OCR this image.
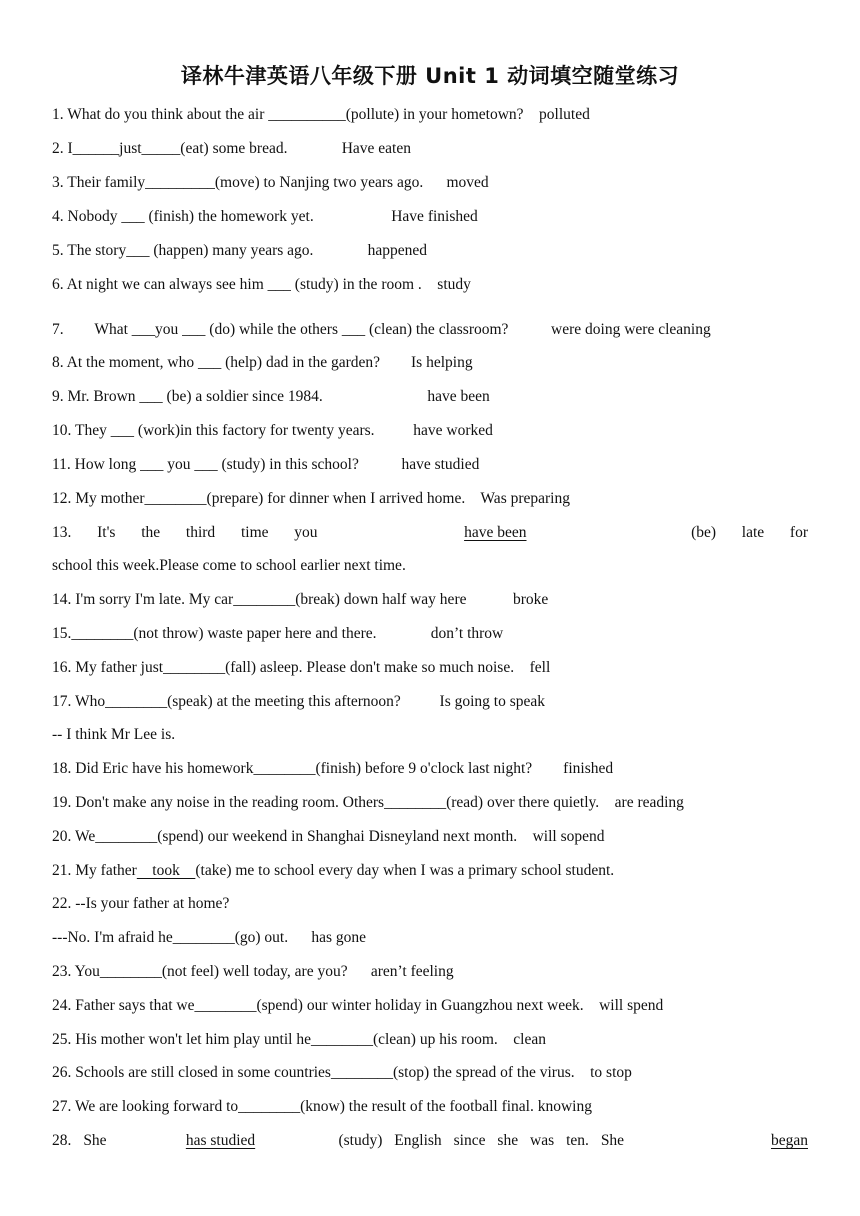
译林牛津英语八年级下册 Unit 1 动词填空随堂练习
1. What do you think about the air __________(pollute) in your hometown?    polluted
2. I______just_____(eat) some bread.              Have eaten
3. Their family_________(move) to Nanjing two years ago.      moved
4. Nobody ___ (finish) the homework yet.                    Have finished
5. The story___ (happen) many years ago.              happened
6. At night we can always see him ___ (study) in the room .    study
7.        What ___you ___ (do) while the others ___ (clean) the classroom?           were doing were cleaning
8. At the moment, who ___ (help) dad in the garden?        Is helping
9. Mr. Brown ___ (be) a soldier since 1984.                           have been
10. They ___ (work)in this factory for twenty years.          have worked
11. How long ___ you ___ (study) in this school?           have studied
12. My mother________(prepare) for dinner when I arrived home.    Was preparing
13. It's the third time you	have been	(be) late for
school this week.Please come to school earlier next time.
14. I'm sorry I'm late. My car________(break) down half way here            broke
15.________(not throw) waste paper here and there.              don’t throw
16. My father just________(fall) asleep. Please don't make so much noise.    fell
17. Who________(speak) at the meeting this afternoon?          Is going to speak
-- I think Mr Lee is.
18. Did Eric have his homework________(finish) before 9 o'clock last night?        finished
19. Don't make any noise in the reading room. Others________(read) over there quietly.    are reading
20. We________(spend) our weekend in Shanghai Disneyland next month.    will sopend
21. My father    took    (take) me to school every day when I was a primary school student.
22. --Is your father at home?
---No. I'm afraid he________(go) out.      has gone
23. You________(not feel) well today, are you?      aren’t feeling
24. Father says that we________(spend) our winter holiday in Guangzhou next week.    will spend
25. His mother won't let him play until he________(clean) up his room.    clean
26. Schools are still closed in some countries________(stop) the spread of the virus.    to stop
27. We are looking forward to________(know) the result of the football final. knowing
28. She	has studied	(study) English since she was ten. She	began
